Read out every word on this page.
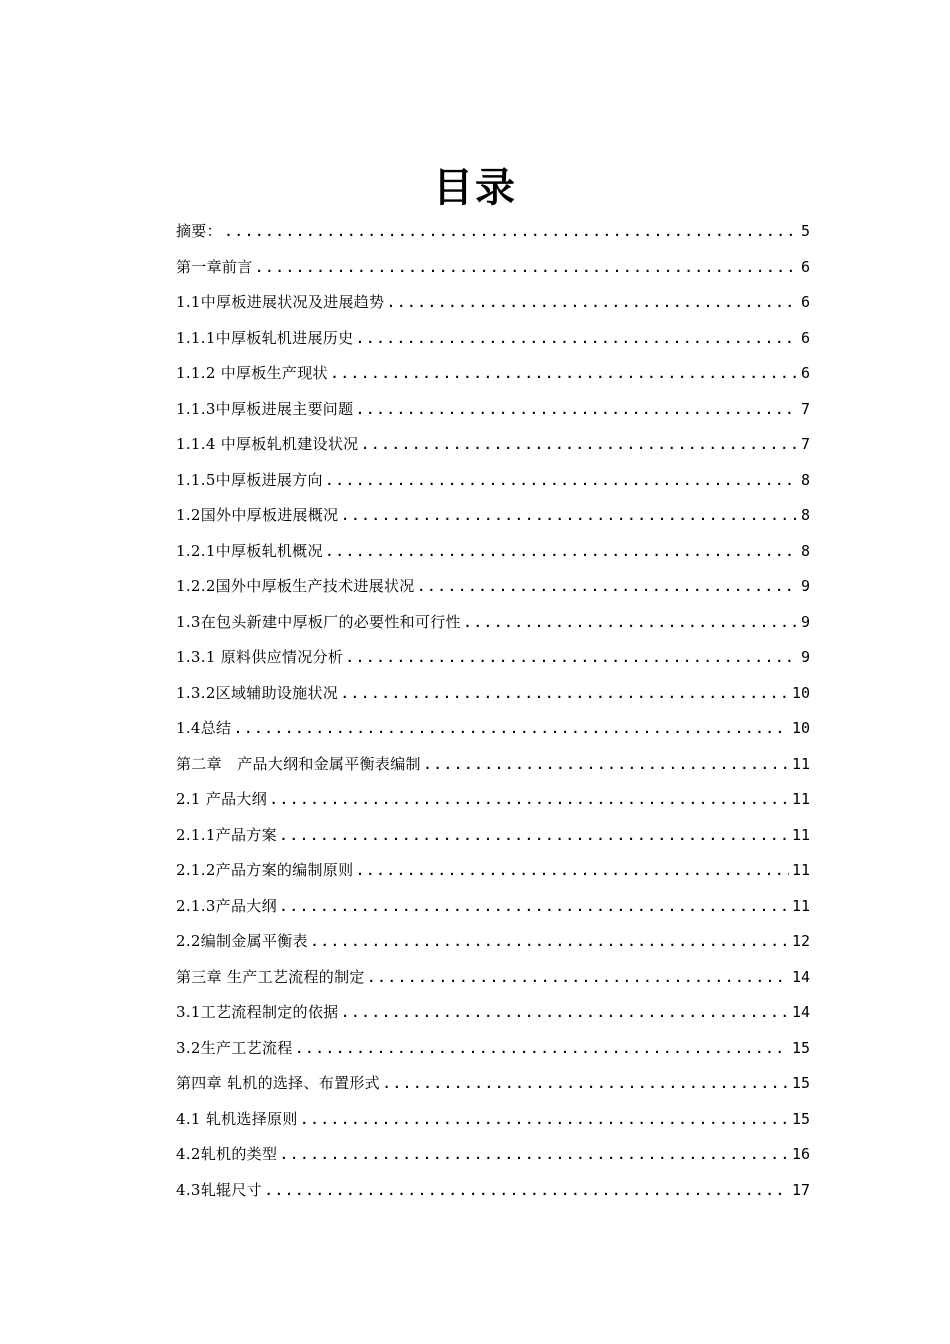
目录
摘要： .....	5
第一章前言 .....	6
1.1中厚板进展状况及进展趋势 .....	6
1.1.1中厚板轧机进展历史 .....	6
1.1.2 中厚板生产现状 .....	6
1.1.3中厚板进展主要问题 .....	7
1.1.4 中厚板轧机建设状况 .....	7
1.1.5中厚板进展方向 .....	8
1.2国外中厚板进展概况 .....	8
1.2.1中厚板轧机概况 .....	8
1.2.2国外中厚板生产技术进展状况 .....	9
1.3在包头新建中厚板厂的必要性和可行性 .....	9
1.3.1 原料供应情况分析 .....	9
1.3.2区域辅助设施状况 .....	10
1.4总结 .....	10
第二章　产品大纲和金属平衡表编制 .....	11
2.1 产品大纲 .....	11
2.1.1产品方案 .....	11
2.1.2产品方案的编制原则 .....	11
2.1.3产品大纲 .....	11
2.2编制金属平衡表 .....	12
第三章 生产工艺流程的制定 .....	14
3.1工艺流程制定的依据 .....	14
3.2生产工艺流程 .....	15
第四章 轧机的选择、布置形式 .....	15
4.1 轧机选择原则 .....	15
4.2轧机的类型 .....	16
4.3轧辊尺寸 .....	17
